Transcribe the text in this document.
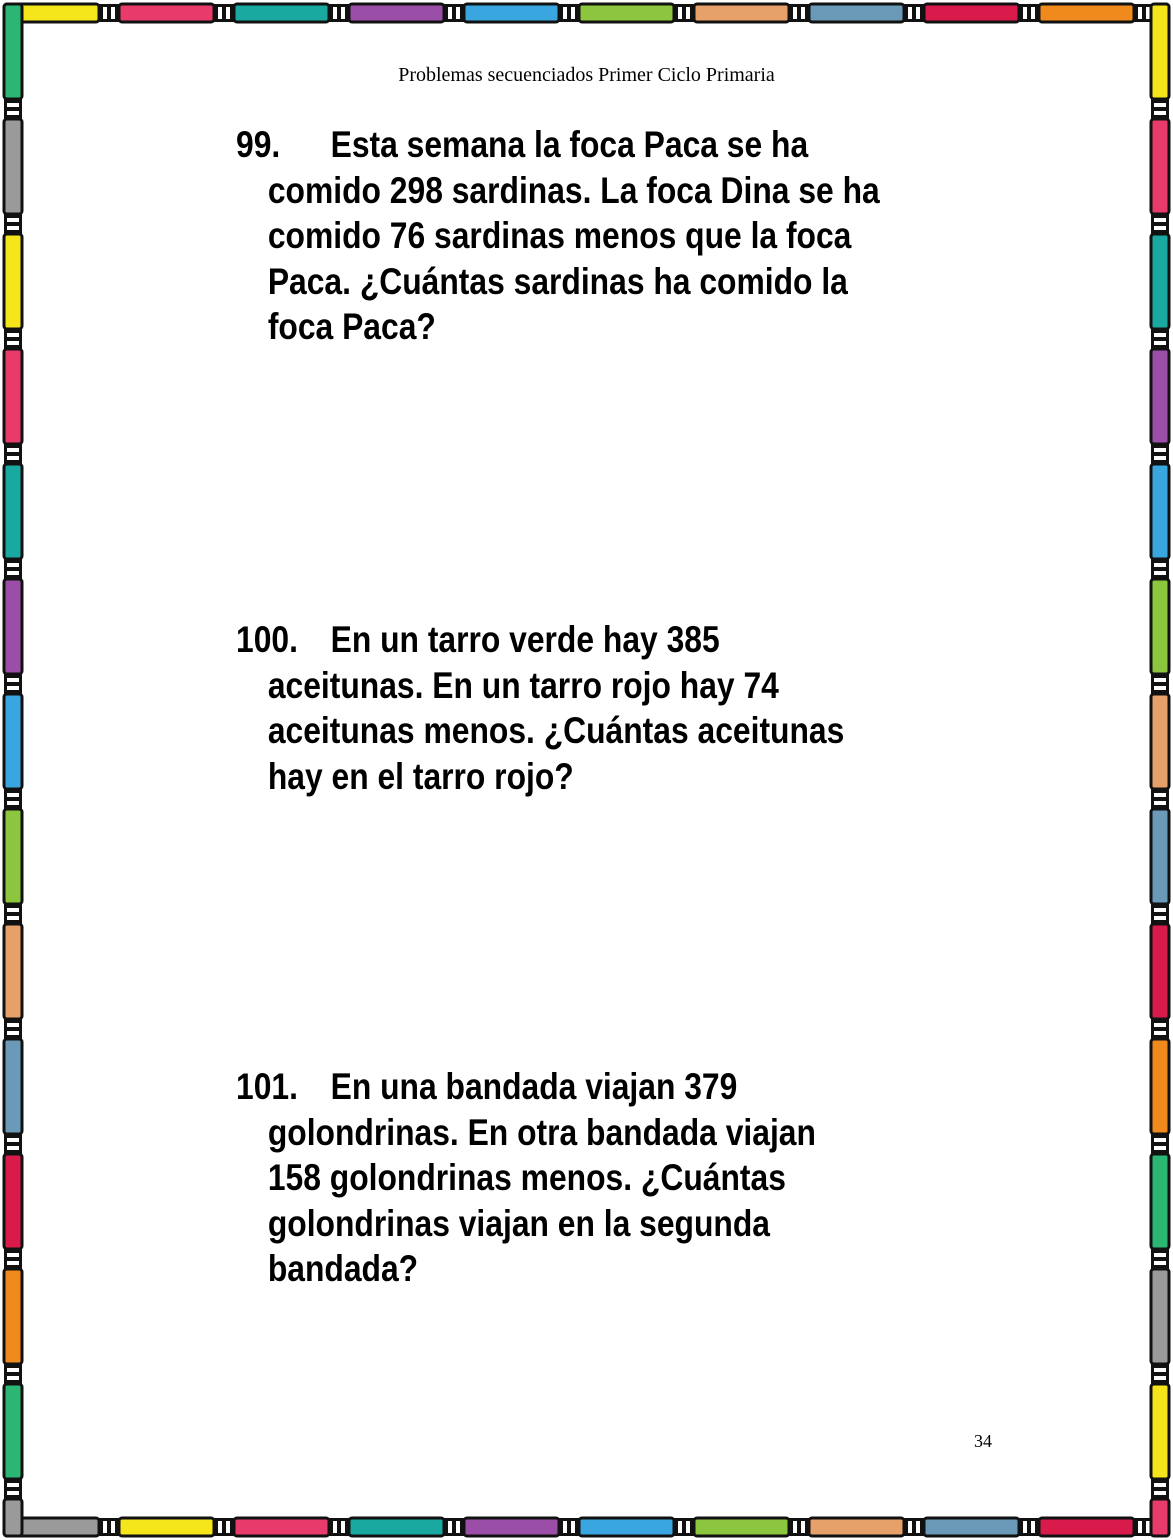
Problemas secuenciados Primer Ciclo Primaria
99. Esta semana la foca Paca se ha
comido 298 sardinas. La foca Dina se ha
comido 76 sardinas menos que la foca
Paca. ¿Cuántas sardinas ha comido la
foca Paca?
100. En un tarro verde hay 385
aceitunas. En un tarro rojo hay 74
aceitunas menos. ¿Cuántas aceitunas
hay en el tarro rojo?
101. En una bandada viajan 379
golondrinas. En otra bandada viajan
158 golondrinas menos. ¿Cuántas
golondrinas viajan en la segunda
bandada?
34
